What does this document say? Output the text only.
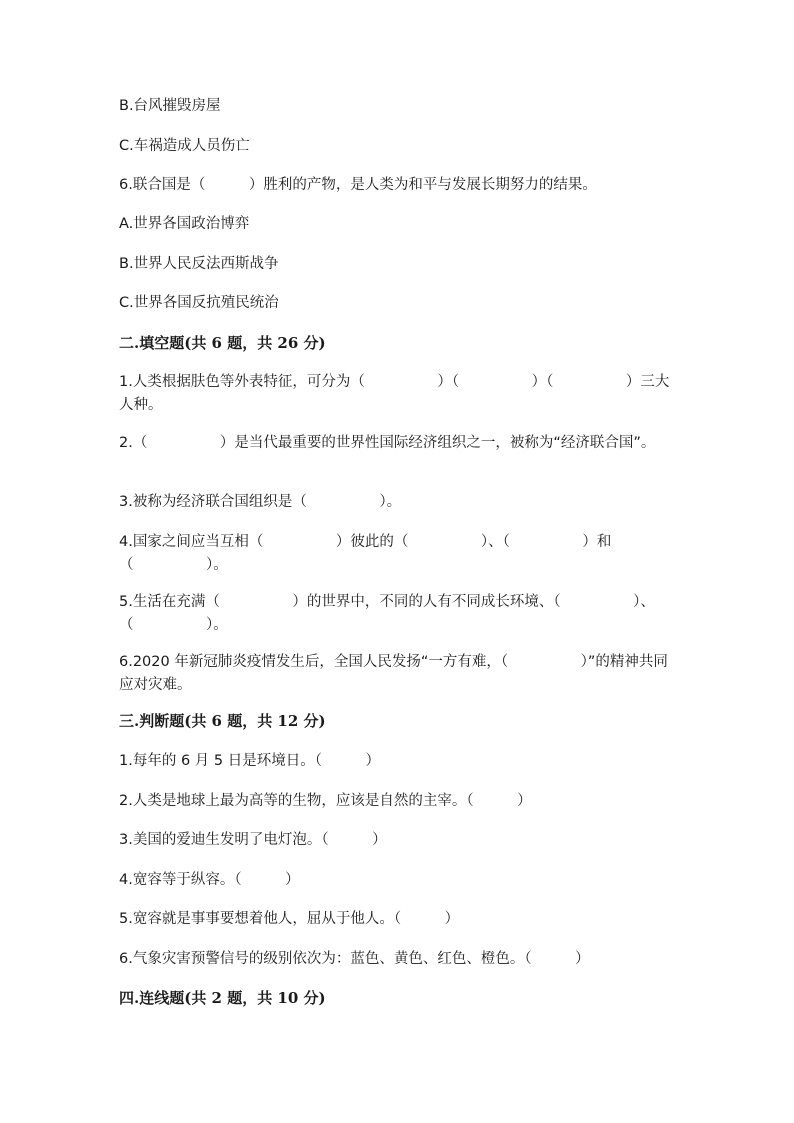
B.台风摧毁房屋
C.车祸造成人员伤亡
6.联合国是（　　　）胜利的产物，是人类为和平与发展长期努力的结果。
A.世界各国政治博弈
B.世界人民反法西斯战争
C.世界各国反抗殖民统治
二.填空题(共 6 题，共 26 分)
1.人类根据肤色等外表特征，可分为（　　　　　）（　　　　　）（　　　　　）三大人种。
2.（　　　　　）是当代最重要的世界性国际经济组织之一，被称为“经济联合国”。
3.被称为经济联合国组织是（　　　　　）。
4.国家之间应当互相（　　　　　）彼此的（　　　　　）、（　　　　　）和（　　　　　）。
5.生活在充满（　　　　　）的世界中，不同的人有不同成长环境、（　　　　　）、（　　　　　）。
6.2020 年新冠肺炎疫情发生后，全国人民发扬“一方有难，（　　　　　）”的精神共同应对灾难。
三.判断题(共 6 题，共 12 分)
1.每年的 6 月 5 日是环境日。（　　　）
2.人类是地球上最为高等的生物，应该是自然的主宰。（　　　）
3.美国的爱迪生发明了电灯泡。（　　　）
4.宽容等于纵容。（　　　）
5.宽容就是事事要想着他人，屈从于他人。（　　　）
6.气象灾害预警信号的级别依次为：蓝色、黄色、红色、橙色。（　　　）
四.连线题(共 2 题，共 10 分)
